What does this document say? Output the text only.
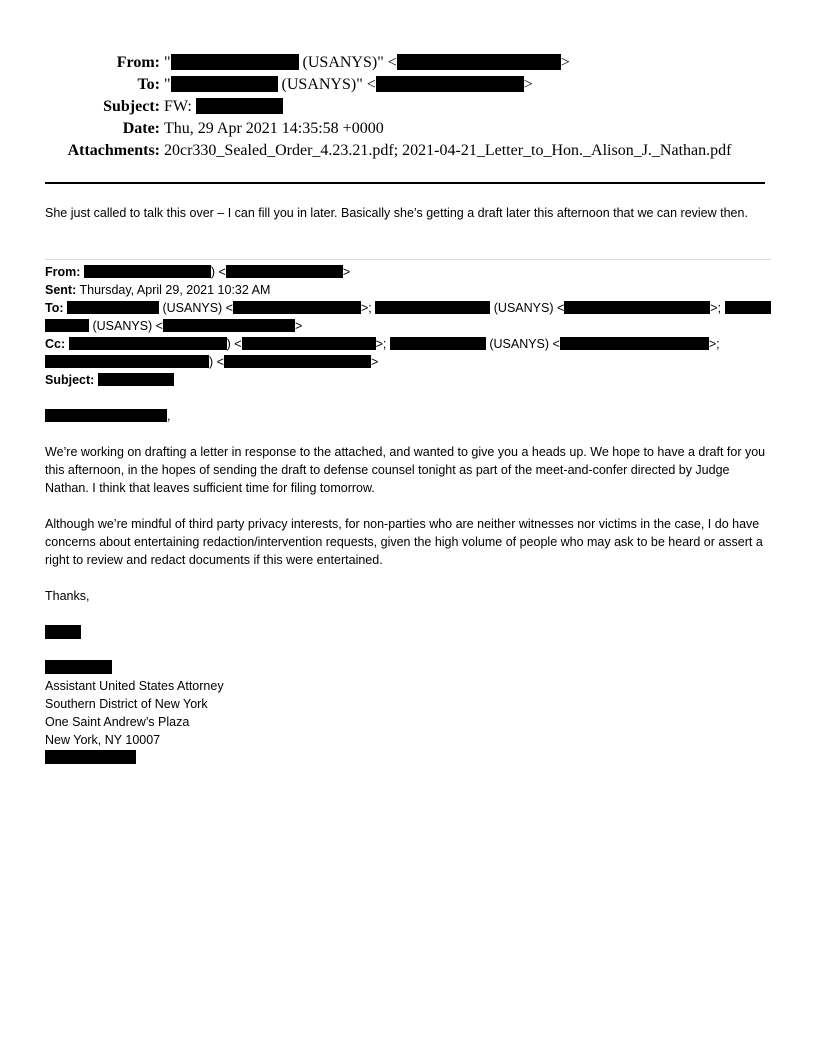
From: "	(USANYS)" <	>
To: "	(USANYS)" <	>
Subject: FW:
Date: Thu, 29 Apr 2021 14:35:58 +0000
Attachments: 20cr330_Sealed_Order_4.23.21.pdf; 2021-04-21_Letter_to_Hon._Alison_J._Nathan.pdf
She just called to talk this over – I can fill you in later. Basically she’s getting a draft later this afternoon that we can review then.
From:	) <	>
Sent: Thursday, April 29, 2021 10:32 AM
To:	(USANYS) <	>;	(USANYS) <	>;
(USANYS) <	>
Cc:	) <	>;	(USANYS) <	>;
) <	>
Subject:
,
We’re working on drafting a letter in response to the attached, and wanted to give you a heads up. We hope to have a draft for you this afternoon, in the hopes of sending the draft to defense counsel tonight as part of the meet-and-confer directed by Judge Nathan. I think that leaves sufficient time for filing tomorrow.
Although we’re mindful of third party privacy interests, for non-parties who are neither witnesses nor victims in the case, I do have concerns about entertaining redaction/intervention requests, given the high volume of people who may ask to be heard or assert a right to review and redact documents if this were entertained.
Thanks,
Assistant United States Attorney
Southern District of New York
One Saint Andrew’s Plaza
New York, NY 10007
